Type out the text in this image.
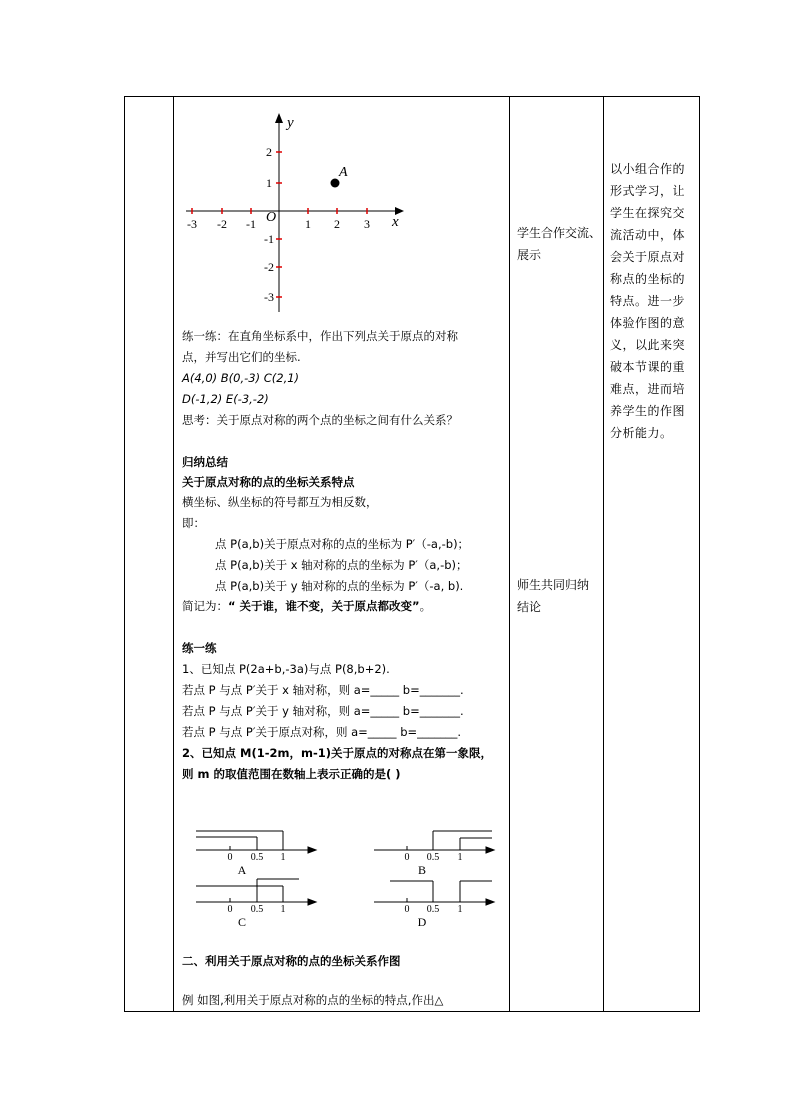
y
x
O
A
-3 -2 -1	1 2 3
2
1
-1
-2
-3
练一练：在直角坐标系中，作出下列点关于原点的对称
点，并写出它们的坐标.
A(4,0) B(0,-3) C(2,1)
D(-1,2) E(-3,-2)
思考：关于原点对称的两个点的坐标之间有什么关系？
归纳总结
关于原点对称的点的坐标关系特点
横坐标、纵坐标的符号都互为相反数，
即：
点 P(a,b)关于原点对称的点的坐标为 P′（-a,-b)；
点 P(a,b)关于 x 轴对称的点的坐标为 P′（a,-b)；
点 P(a,b)关于 y 轴对称的点的坐标为 P′（-a, b).
简记为：“ 关于谁，谁不变，关于原点都改变”。
练一练
1、已知点 P(2a+b,-3a)与点 P(8,b+2).
若点 P 与点 P′关于 x 轴对称，则 a=_____ b=_______.
若点 P 与点 P′关于 y 轴对称，则 a=_____ b=_______.
若点 P 与点 P′关于原点对称，则 a=_____ b=_______.
2、已知点 M(1-2m，m-1)关于原点的对称点在第一象限，
则 m 的取值范围在数轴上表示正确的是( )
0 0.5 1	0 0.5 1
0 0.5 1	0 0.5 1
A	B
C	D
二、利用关于原点对称的点的坐标关系作图
例 如图,利用关于原点对称的点的坐标的特点,作出△
学生合作交流、
展示
师生共同归纳
结论
以小组合作的
形式学习，让
学生在探究交
流活动中，体
会关于原点对
称点的坐标的
特点。进一步
体验作图的意
义，以此来突
破本节课的重
难点，进而培
养学生的作图
分析能力。
